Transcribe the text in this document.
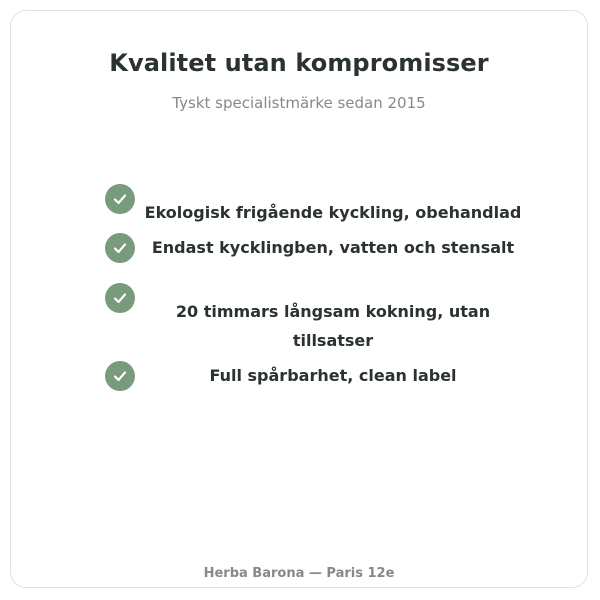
Kvalitet utan kompromisser
Tyskt specialistmärke sedan 2015
Ekologisk frigående kyckling, obehandlad
Endast kycklingben, vatten och stensalt
20 timmars långsam kokning, utan tillsatser
Full spårbarhet, clean label
Herba Barona — Paris 12e
